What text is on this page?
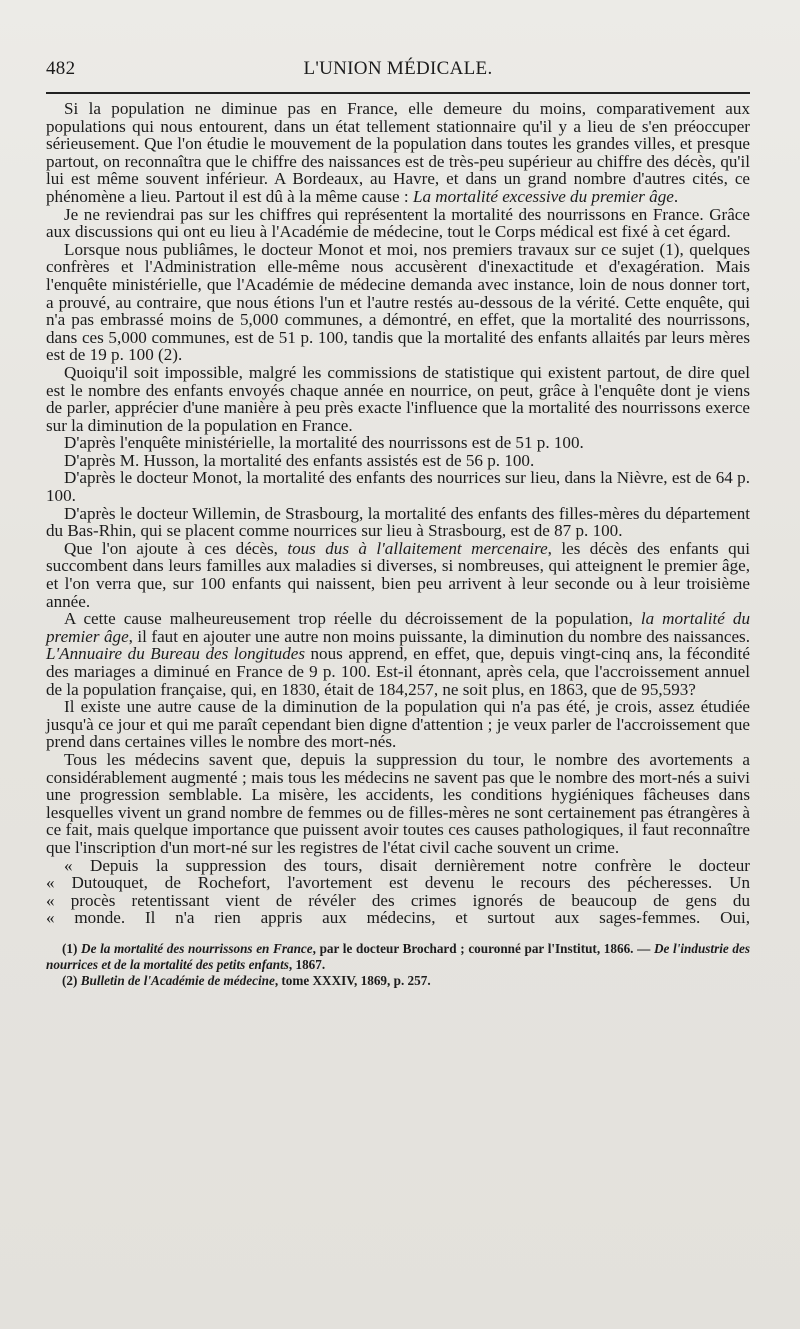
482	L'UNION MÉDICALE.

Si la population ne diminue pas en France, elle demeure du moins, comparativement aux populations qui nous entourent, dans un état tellement stationnaire qu'il y a lieu de s'en préoccuper sérieusement. Que l'on étudie le mouvement de la population dans toutes les grandes villes, et presque partout, on reconnaîtra que le chiffre des naissances est de très-peu supérieur au chiffre des décès, qu'il lui est même souvent inférieur. A Bordeaux, au Havre, et dans un grand nombre d'autres cités, ce phénomène a lieu. Partout il est dû à la même cause : La mortalité excessive du premier âge.

Je ne reviendrai pas sur les chiffres qui représentent la mortalité des nourrissons en France. Grâce aux discussions qui ont eu lieu à l'Académie de médecine, tout le Corps médical est fixé à cet égard.

Lorsque nous publiâmes, le docteur Monot et moi, nos premiers travaux sur ce sujet (1), quelques confrères et l'Administration elle-même nous accusèrent d'inexactitude et d'exagération. Mais l'enquête ministérielle, que l'Académie de médecine demanda avec instance, loin de nous donner tort, a prouvé, au contraire, que nous étions l'un et l'autre restés au-dessous de la vérité. Cette enquête, qui n'a pas embrassé moins de 5,000 communes, a démontré, en effet, que la mortalité des nourrissons, dans ces 5,000 communes, est de 51 p. 100, tandis que la mortalité des enfants allaités par leurs mères est de 19 p. 100 (2).

Quoiqu'il soit impossible, malgré les commissions de statistique qui existent partout, de dire quel est le nombre des enfants envoyés chaque année en nourrice, on peut, grâce à l'enquête dont je viens de parler, apprécier d'une manière à peu près exacte l'influence que la mortalité des nourrissons exerce sur la diminution de la population en France.

D'après l'enquête ministérielle, la mortalité des nourrissons est de 51 p. 100.

D'après M. Husson, la mortalité des enfants assistés est de 56 p. 100.

D'après le docteur Monot, la mortalité des enfants des nourrices sur lieu, dans la Nièvre, est de 64 p. 100.

D'après le docteur Willemin, de Strasbourg, la mortalité des enfants des filles-mères du département du Bas-Rhin, qui se placent comme nourrices sur lieu à Strasbourg, est de 87 p. 100.

Que l'on ajoute à ces décès, tous dus à l'allaitement mercenaire, les décès des enfants qui succombent dans leurs familles aux maladies si diverses, si nombreuses, qui atteignent le premier âge, et l'on verra que, sur 100 enfants qui naissent, bien peu arrivent à leur seconde ou à leur troisième année.

A cette cause malheureusement trop réelle du décroissement de la population, la mortalité du premier âge, il faut en ajouter une autre non moins puissante, la diminution du nombre des naissances. L'Annuaire du Bureau des longitudes nous apprend, en effet, que, depuis vingt-cinq ans, la fécondité des mariages a diminué en France de 9 p. 100. Est-il étonnant, après cela, que l'accroissement annuel de la population française, qui, en 1830, était de 184,257, ne soit plus, en 1863, que de 95,593?

Il existe une autre cause de la diminution de la population qui n'a pas été, je crois, assez étudiée jusqu'à ce jour et qui me paraît cependant bien digne d'attention ; je veux parler de l'accroissement que prend dans certaines villes le nombre des mort-nés.

Tous les médecins savent que, depuis la suppression du tour, le nombre des avortements a considérablement augmenté ; mais tous les médecins ne savent pas que le nombre des mort-nés a suivi une progression semblable. La misère, les accidents, les conditions hygiéniques fâcheuses dans lesquelles vivent un grand nombre de femmes ou de filles-mères ne sont certainement pas étrangères à ce fait, mais quelque importance que puissent avoir toutes ces causes pathologiques, il faut reconnaître que l'inscription d'un mort-né sur les registres de l'état civil cache souvent un crime.

« Depuis la suppression des tours, disait dernièrement notre confrère le docteur
« Dutouquet, de Rochefort, l'avortement est devenu le recours des pécheresses. Un
« procès retentissant vient de révéler des crimes ignorés de beaucoup de gens du
« monde. Il n'a rien appris aux médecins, et surtout aux sages-femmes. Oui,

(1) De la mortalité des nourrissons en France, par le docteur Brochard ; couronné par l'Institut, 1866. — De l'industrie des nourrices et de la mortalité des petits enfants, 1867.

(2) Bulletin de l'Académie de médecine, tome XXXIV, 1869, p. 257.
